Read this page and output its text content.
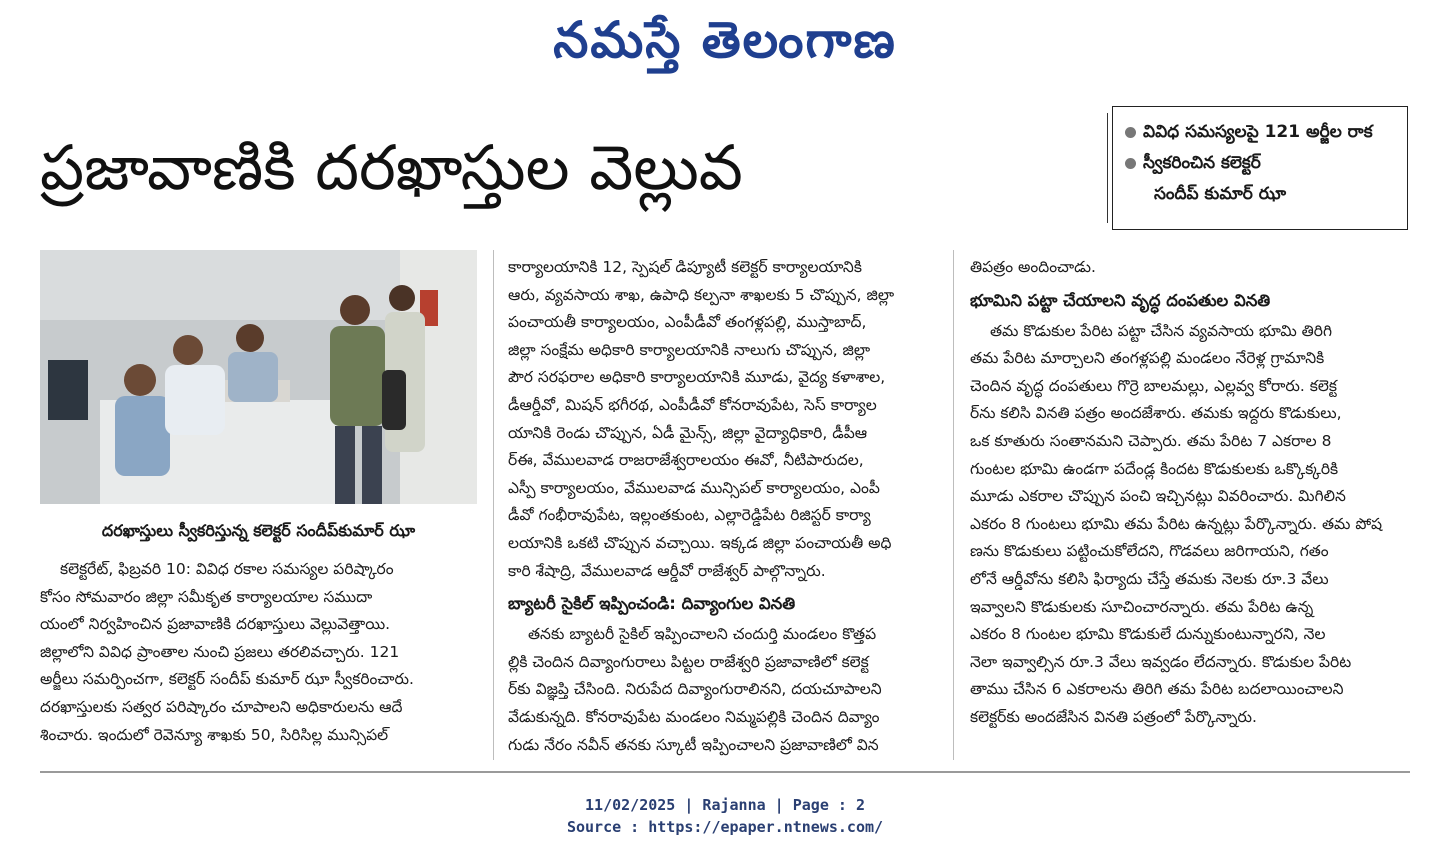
నమస్తే తెలంగాణ
ప్రజావాణికి దరఖాస్తుల వెల్లువ	వివిధ సమస్యలపై 121 అర్జీల రాక
స్వీకరించిన కలెక్టర్
సందీప్ కుమార్ ఝా
దరఖాస్తులు స్వీకరిస్తున్న కలెక్టర్ సందీప్‌కుమార్ ఝా

కలెక్టరేట్, ఫిబ్రవరి 10: వివిధ రకాల సమస్యల పరిష్కారం

కోసం సోమవారం జిల్లా సమీకృత కార్యాలయాల సముదా

యంలో నిర్వహించిన ప్రజావాణికి దరఖాస్తులు వెల్లువెత్తాయి.

జిల్లాలోని వివిధ ప్రాంతాల నుంచి ప్రజలు తరలివచ్చారు. 121

అర్జీలు సమర్పించగా, కలెక్టర్ సందీప్ కుమార్ ఝా స్వీకరించారు.

దరఖాస్తులకు సత్వర పరిష్కారం చూపాలని అధికారులను ఆదే

శించారు. ఇందులో రెవెన్యూ శాఖకు 50, సిరిసిల్ల మున్సిపల్

కార్యాలయానికి 12, స్పెషల్ డిప్యూటీ కలెక్టర్ కార్యాలయానికి

ఆరు, వ్యవసాయ శాఖ, ఉపాధి కల్పనా శాఖలకు 5 చొప్పున, జిల్లా

పంచాయతీ కార్యాలయం, ఎంపీడీవో తంగళ్లపల్లి, ముస్తాబాద్,

జిల్లా సంక్షేమ అధికారి కార్యాలయానికి నాలుగు చొప్పున, జిల్లా

పౌర సరఫరాల అధికారి కార్యాలయానికి మూడు, వైద్య కళాశాల,

డీఆర్డీవో, మిషన్ భగీరథ, ఎంపీడీవో కోనరావుపేట, సెస్ కార్యాల

యానికి రెండు చొప్పున, ఏడీ మైన్స్, జిల్లా వైద్యాధికారి, డీపీఆ

ర్ఈ, వేములవాడ రాజరాజేశ్వరాలయం ఈవో, నీటిపారుదల,

ఎస్పీ కార్యాలయం, వేములవాడ మున్సిపల్ కార్యాలయం, ఎంపీ

డీవో గంభీరావుపేట, ఇల్లంతకుంట, ఎల్లారెడ్డిపేట రిజిస్టర్ కార్యా

లయానికి ఒకటి చొప్పున వచ్చాయి. ఇక్కడ జిల్లా పంచాయతీ అధి

కారి శేషాద్రి, వేములవాడ ఆర్డీవో రాజేశ్వర్ పాల్గొన్నారు.

బ్యాటరీ సైకిల్ ఇప్పించండి: దివ్యాంగుల వినతి

తనకు బ్యాటరీ సైకిల్ ఇప్పించాలని చందుర్తి మండలం కొత్తప

ల్లికి చెందిన దివ్యాంగురాలు పిట్టల రాజేశ్వరి ప్రజావాణిలో కలెక్ట

ర్‌కు విజ్ఞప్తి చేసింది. నిరుపేద దివ్యాంగురాలినని, దయచూపాలని

వేడుకున్నది. కోనరావుపేట మండలం నిమ్మపల్లికి చెందిన దివ్యాం

గుడు నేరం నవీన్ తనకు స్కూటీ ఇప్పించాలని ప్రజావాణిలో విన

తిపత్రం అందించాడు.

భూమిని పట్టా చేయాలని వృద్ధ దంపతుల వినతి

తమ కొడుకుల పేరిట పట్టా చేసిన వ్యవసాయ భూమి తిరిగి

తమ పేరిట మార్చాలని తంగళ్లపల్లి మండలం నేరెళ్ల గ్రామానికి

చెందిన వృద్ధ దంపతులు గొర్రె బాలమల్లు, ఎల్లవ్వ కోరారు. కలెక్ట

ర్‌ను కలిసి వినతి పత్రం అందజేశారు. తమకు ఇద్దరు కొడుకులు,

ఒక కూతురు సంతానమని చెప్పారు. తమ పేరిట 7 ఎకరాల 8

గుంటల భూమి ఉండగా పదేండ్ల కిందట కొడుకులకు ఒక్కొక్కరికి

మూడు ఎకరాల చొప్పున పంచి ఇచ్చినట్లు వివరించారు. మిగిలిన

ఎకరం 8 గుంటలు భూమి తమ పేరిట ఉన్నట్లు పేర్కొన్నారు. తమ పోష

ణను కొడుకులు పట్టించుకోలేదని, గొడవలు జరిగాయని, గతం

లోనే ఆర్డీవోను కలిసి ఫిర్యాదు చేస్తే తమకు నెలకు రూ.3 వేలు

ఇవ్వాలని కొడుకులకు సూచించారన్నారు. తమ పేరిట ఉన్న

ఎకరం 8 గుంటల భూమి కొడుకులే దున్నుకుంటున్నారని, నెల

నెలా ఇవ్వాల్సిన రూ.3 వేలు ఇవ్వడం లేదన్నారు. కొడుకుల పేరిట

తాము చేసిన 6 ఎకరాలను తిరిగి తమ పేరిట బదలాయించాలని

కలెక్టర్‌కు అందజేసిన వినతి పత్రంలో పేర్కొన్నారు.

11/02/2025 | Rajanna | Page : 2
Source : https://epaper.ntnews.com/
